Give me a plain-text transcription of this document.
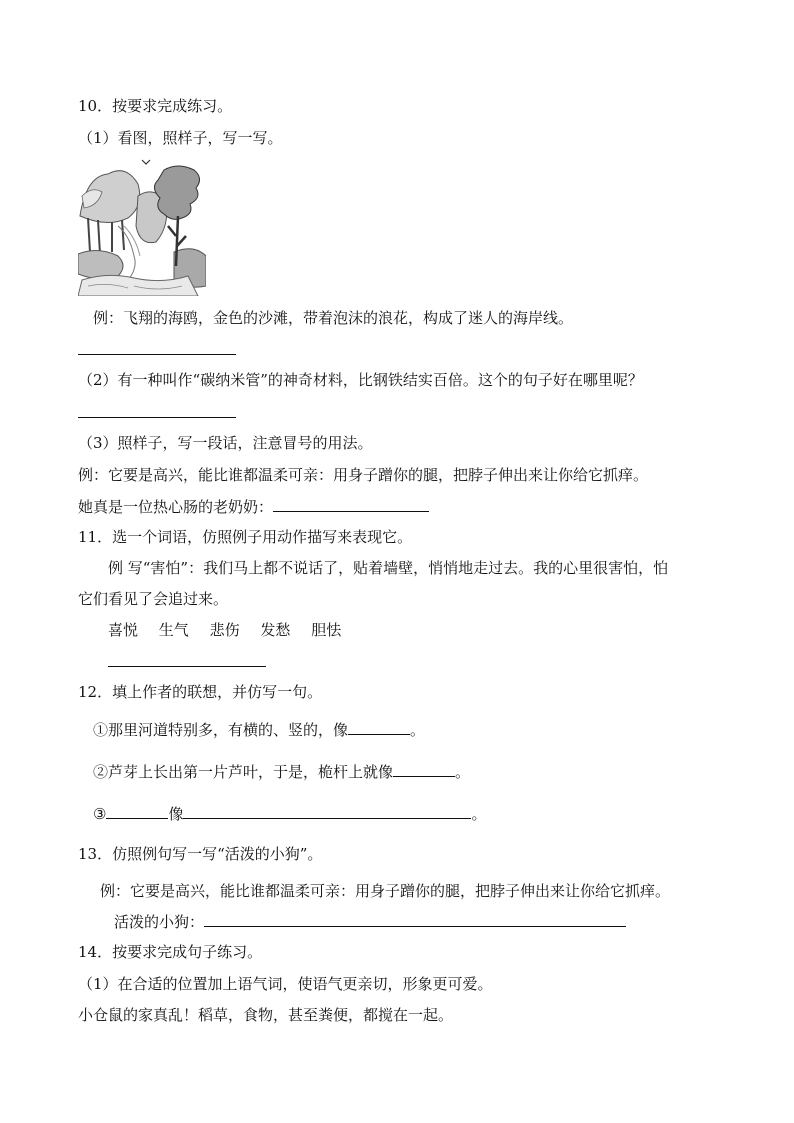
10．按要求完成练习。
（1）看图，照样子，写一写。
例：飞翔的海鸥，金色的沙滩，带着泡沫的浪花，构成了迷人的海岸线。
（2）有一种叫作“碳纳米管”的神奇材料，比钢铁结实百倍。这个的句子好在哪里呢？
（3）照样子，写一段话，注意冒号的用法。
例：它要是高兴，能比谁都温柔可亲：用身子蹭你的腿，把脖子伸出来让你给它抓痒。
她真是一位热心肠的老奶奶：
11．选一个词语，仿照例子用动作描写来表现它。
例 写“害怕”：我们马上都不说话了，贴着墙壁，悄悄地走过去。我的心里很害怕，怕
它们看见了会追过来。
喜悦 生气 悲伤 发愁 胆怯
12．填上作者的联想，并仿写一句。
①那里河道特别多，有横的、竖的，像	。
②芦芽上长出第一片芦叶，于是，桅杆上就像	。
③	像	。
13．仿照例句写一写“活泼的小狗”。
例：它要是高兴，能比谁都温柔可亲：用身子蹭你的腿，把脖子伸出来让你给它抓痒。
活泼的小狗：
14．按要求完成句子练习。
（1）在合适的位置加上语气词，使语气更亲切，形象更可爱。
小仓鼠的家真乱！稻草，食物，甚至粪便，都搅在一起。
